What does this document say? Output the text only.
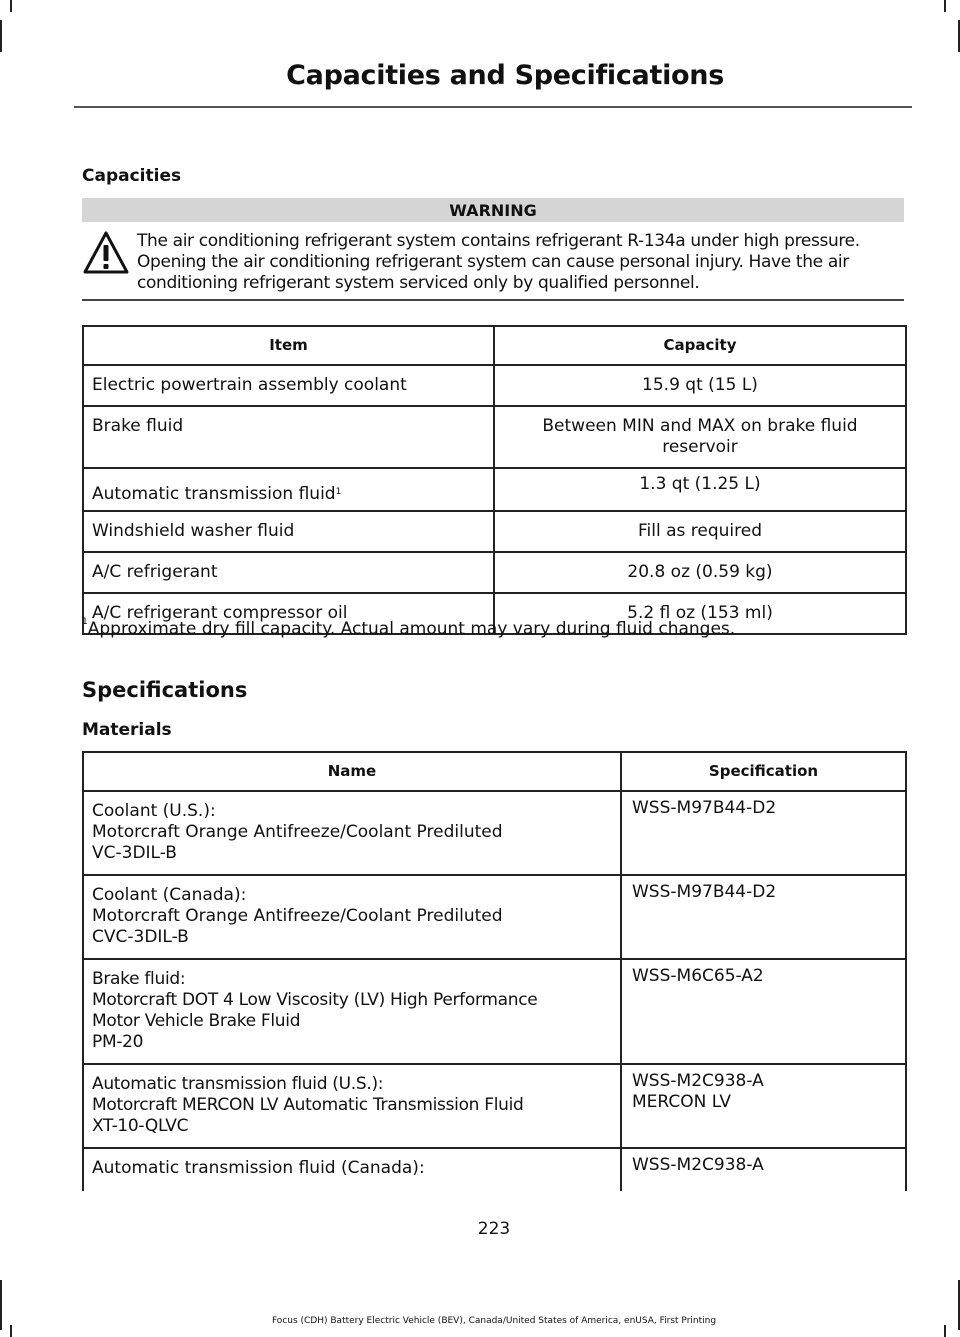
Capacities and Specifications
Capacities
WARNING

The air conditioning refrigerant system contains refrigerant R-134a under high pressure. Opening the air conditioning refrigerant system can cause personal injury. Have the air conditioning refrigerant system serviced only by qualified personnel.

Item	Capacity
Electric powertrain assembly coolant	15.9 qt (15 L)
Brake fluid	Between MIN and MAX on brake fluid reservoir
Automatic transmission fluid$^1$	1.3 qt (1.25 L)
Windshield washer fluid	Fill as required
A/C refrigerant	20.8 oz (0.59 kg)
A/C refrigerant compressor oil	5.2 fl oz (153 ml)

$^1$Approximate dry fill capacity. Actual amount may vary during fluid changes.

Specifications
Materials
Name	Specification

Coolant (U.S.):
Motorcraft Orange Antifreeze/Coolant Prediluted
VC-3DIL-B	WSS-M97B44-D2

Coolant (Canada):
Motorcraft Orange Antifreeze/Coolant Prediluted
CVC-3DIL-B	WSS-M97B44-D2

Brake fluid:
Motorcraft DOT 4 Low Viscosity (LV) High Performance
Motor Vehicle Brake Fluid
PM-20	WSS-M6C65-A2

Automatic transmission fluid (U.S.):
Motorcraft MERCON LV Automatic Transmission Fluid
XT-10-QLVC	WSS-M2C938-A
MERCON LV

Automatic transmission fluid (Canada):	WSS-M2C938-A

223

Focus (CDH) Battery Electric Vehicle (BEV), Canada/United States of America, enUSA, First Printing
